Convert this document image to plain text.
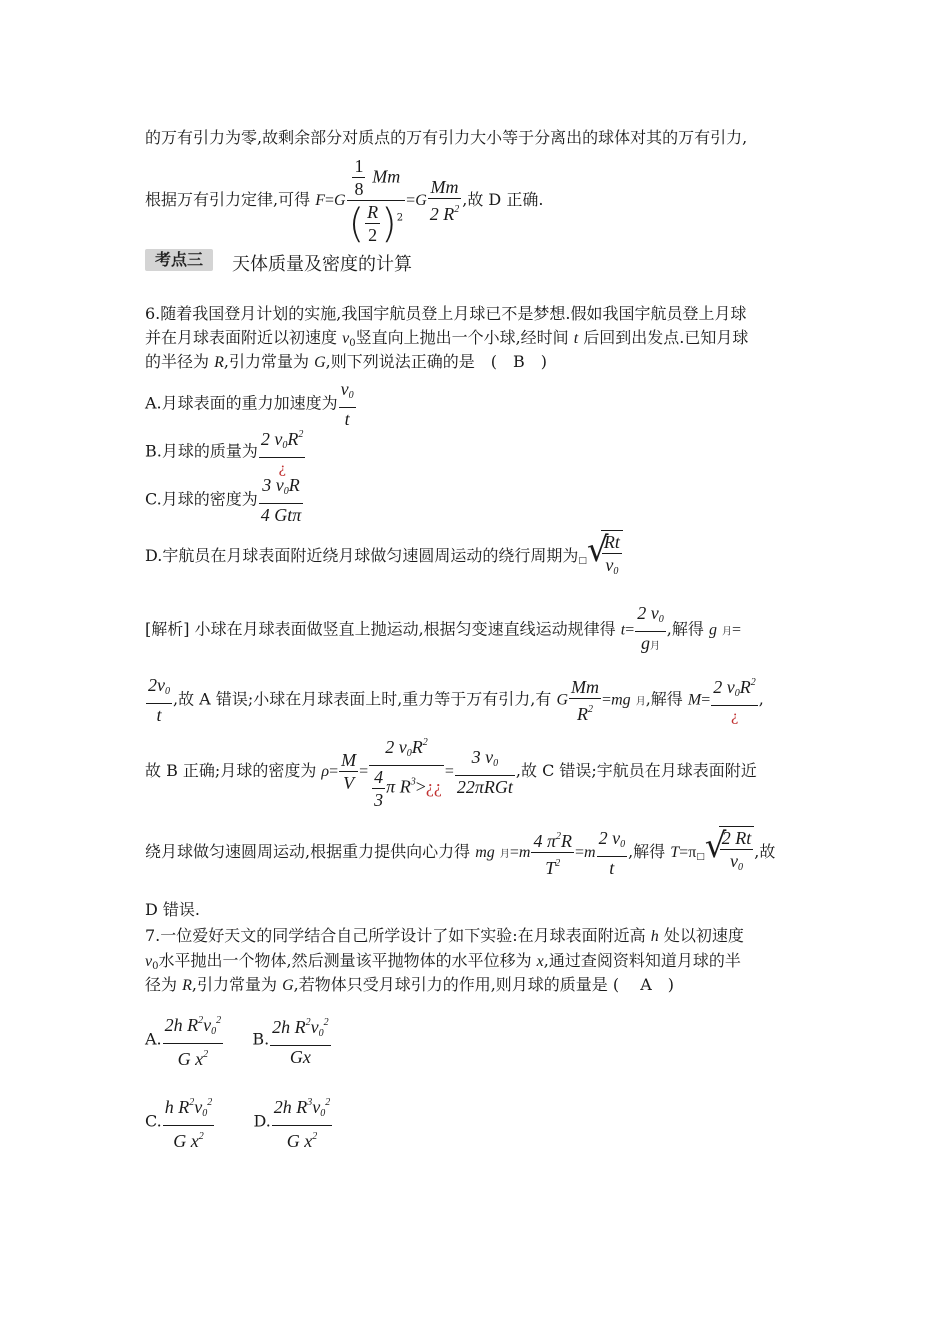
的万有引力为零,故剩余部分对质点的万有引力大小等于分离出的球体对其的万有引力,
根据万有引力定律,可得 $F=G \frac{\frac{1}{8} Mm}{( \frac{R}{2} )^2} =G \frac{Mm}{2 R^2}$ ,故 D 正确.
考点三	天体质量及密度的计算
6.随着我国登月计划的实施,我国宇航员登上月球已不是梦想.假如我国宇航员登上月球
并在月球表面附近以初速度 $v_0$竖直向上抛出一个小球,经时间 t 后回到出发点.已知月球
的半径为 R,引力常量为 G,则下列说法正确的是　(　B　)
A.月球表面的重力加速度为 $\frac{v_0}{t}$
B.月球的质量为 $\frac{2 v_0R^2}{¿}$
C.月球的密度为 $\frac{3 v_0R}{\text{4 Gtπ}}$
D.宇航员在月球表面附近绕月球做匀速圆周运动的绕行周期为□ √
$\frac{Rt}{v_0}$
[解析] 小球在月球表面做竖直上抛运动,根据匀变速直线运动规律得 $t= \frac{2 v_0}{\text{g月}}$ ,解得 g 月=
$\frac{2v_0}{t}$ ,故 A 错误;小球在月球表面上时,重力等于万有引力,有 G $\frac{Mm}{R^2} =mg$ 月,解得 $M= \frac{2 v_0R^2}{¿}$ ,
故 B 正确;月球的密度为 $\rho= \frac{M}{V} = \frac{2 v_0R^2}{\frac{4}{3} \pi R^3>¿¿} = \frac{3 v_0}{\text{22πRGt}}$ ,故 C 错误;宇航员在月球表面附近
绕月球做匀速圆周运动,根据重力提供向心力得 mg 月$=m \frac{4 \pi^2R}{T^2} =m \frac{2 v_0}{t}$ ,解得 T=π□ √
$\frac{2 Rt}{v_0}$ ,故
D 错误.
7.一位爱好天文的同学结合自己所学设计了如下实验:在月球表面附近高 h 处以初速度
$v_0$水平抛出一个物体,然后测量该平抛物体的水平位移为 x,通过查阅资料知道月球的半
径为 R,引力常量为 G,若物体只受月球引力的作用,则月球的质量是 (　 A　)
A. $\frac{2h R^2v_0^2}{G x^2} B$. $\frac{2h R^2v_0^2}{Gx}$
C. $\frac{h R^2v_0^2}{G x^2} D$. $\frac{2h R^3v_0^2}{G x^2}$
